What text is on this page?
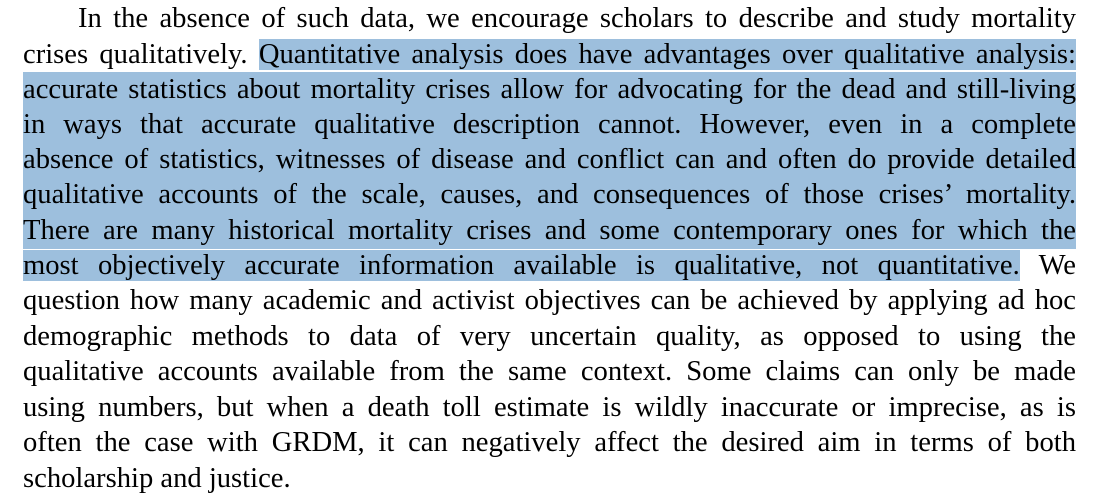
In the absence of such data, we encourage scholars to describe and study mortality
crises qualitatively. Quantitative analysis does have advantages over qualitative analysis:
accurate statistics about mortality crises allow for advocating for the dead and still-living
in ways that accurate qualitative description cannot. However, even in a complete
absence of statistics, witnesses of disease and conflict can and often do provide detailed
qualitative accounts of the scale, causes, and consequences of those crises’ mortality.
There are many historical mortality crises and some contemporary ones for which the
most objectively accurate information available is qualitative, not quantitative. We
question how many academic and activist objectives can be achieved by applying ad hoc
demographic methods to data of very uncertain quality, as opposed to using the
qualitative accounts available from the same context. Some claims can only be made
using numbers, but when a death toll estimate is wildly inaccurate or imprecise, as is
often the case with GRDM, it can negatively affect the desired aim in terms of both
scholarship and justice.
